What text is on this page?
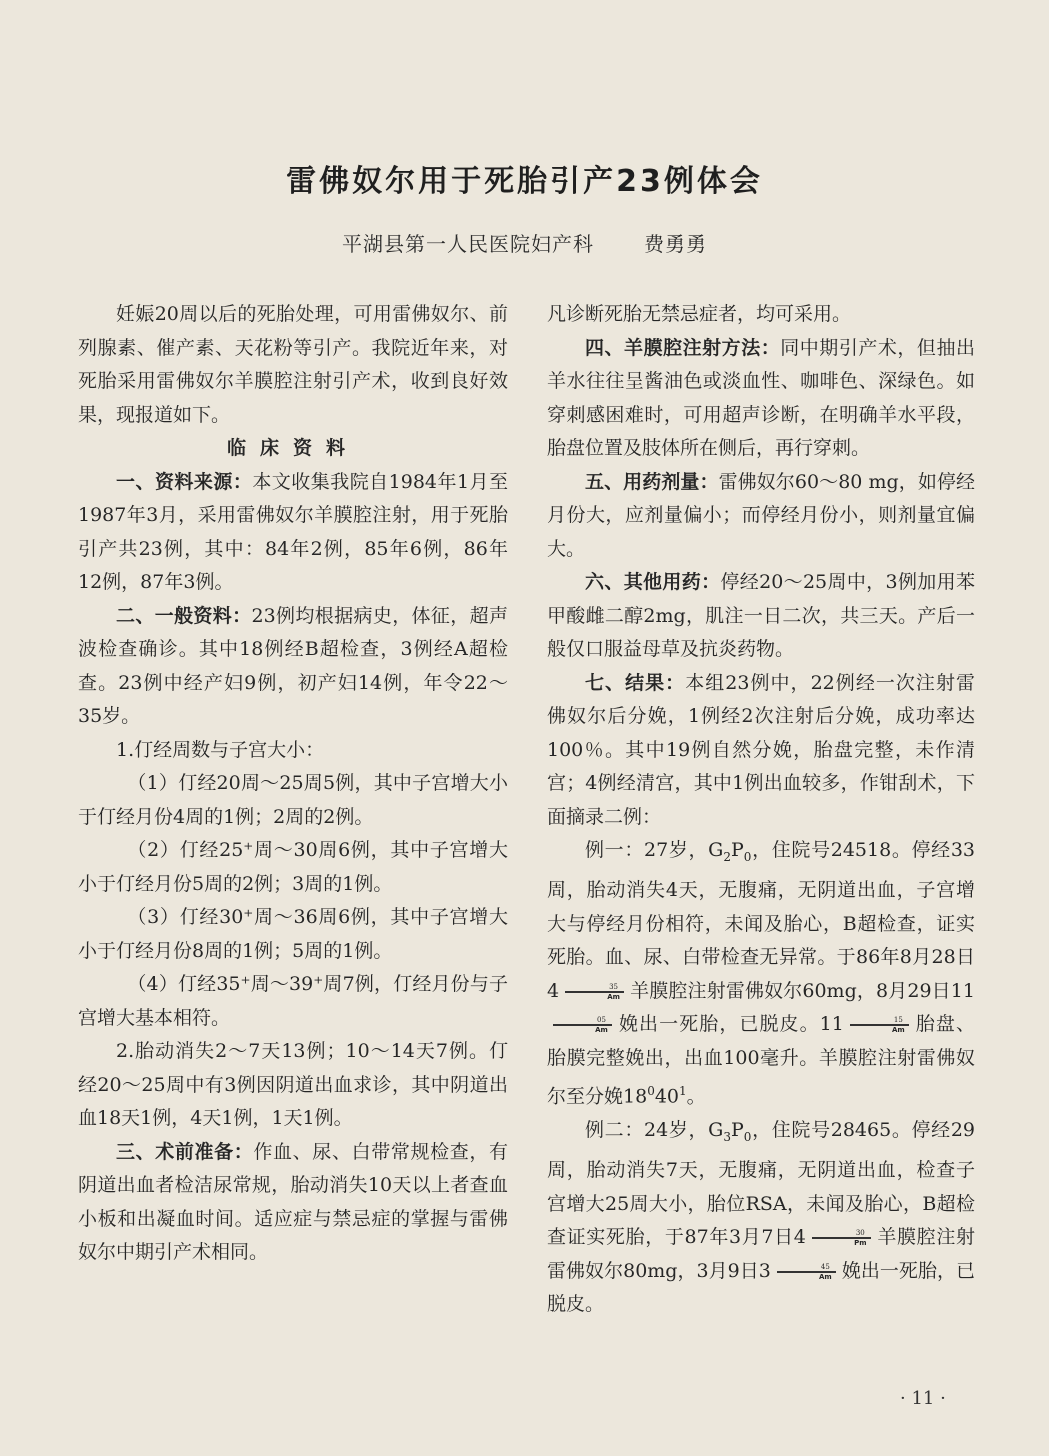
雷佛奴尔用于死胎引产23例体会
平湖县第一人民医院妇产科	费勇勇

妊娠20周以后的死胎处理，可用雷佛奴尔、前列腺素、催产素、天花粉等引产。我院近年来，对死胎采用雷佛奴尔羊膜腔注射引产术，收到良好效果，现报道如下。

临床资料

一、资料来源：本文收集我院自1984年1月至1987年3月，采用雷佛奴尔羊膜腔注射，用于死胎引产共23例，其中：84年2例，85年6例，86年12例，87年3例。

二、一般资料：23例均根据病史，体征，超声波检查确诊。其中18例经B超检查，3例经A超检查。23例中经产妇9例，初产妇14例，年令22～35岁。

1.仃经周数与子宫大小：

（1）仃经20周～25周5例，其中子宫增大小于仃经月份4周的1例；2周的2例。

（2）仃经25⁺周～30周6例，其中子宫增大小于仃经月份5周的2例；3周的1例。

（3）仃经30⁺周～36周6例，其中子宫增大小于仃经月份8周的1例；5周的1例。

（4）仃经35⁺周～39⁺周7例，仃经月份与子宫增大基本相符。

2.胎动消失2～7天13例；10～14天7例。仃经20～25周中有3例因阴道出血求诊，其中阴道出血18天1例，4天1例，1天1例。

三、术前准备：作血、尿、白带常规检查，有阴道出血者检洁尿常规，胎动消失10天以上者查血小板和出凝血时间。适应症与禁忌症的掌握与雷佛奴尔中期引产术相同。

凡诊断死胎无禁忌症者，均可采用。

四、羊膜腔注射方法：同中期引产术，但抽出羊水往往呈酱油色或淡血性、咖啡色、深绿色。如穿刺感困难时，可用超声诊断，在明确羊水平段，胎盘位置及肢体所在侧后，再行穿刺。

五、用药剂量：雷佛奴尔60～80 mg，如停经月份大，应剂量偏小；而停经月份小，则剂量宜偏大。

六、其他用药：停经20～25周中，3例加用苯甲酸雌二醇2mg，肌注一日二次，共三天。产后一般仅口服益母草及抗炎药物。

七、结果：本组23例中，22例经一次注射雷佛奴尔后分娩，1例经2次注射后分娩，成功率达100％。其中19例自然分娩，胎盘完整，未作清宫；4例经清宫，其中1例出血较多，作钳刮术，下面摘录二例：

例一：27岁，$G_2P_0$，住院号24518。停经33周，胎动消失4天，无腹痛，无阴道出血，子宫增大与停经月份相符，未闻及胎心，B超检查，证实死胎。血、尿、白带检查无异常。于86年8月28日$4 \frac{35}{Am}$ 羊膜腔注射雷佛奴尔60mg，8月29日11
$\frac{05}{Am}$ 娩出一死胎，已脱皮。$11 \frac{15}{Am}$ 胎盘、胎膜完整娩出，出血100毫升。羊膜腔注射雷佛奴尔至分娩$18^040^1$。

例二：24岁，$G_3P_0$，住院号28465。停经29周，胎动消失7天，无腹痛，无阴道出血，检查子宫增大25周大小，胎位RSA，未闻及胎心，B超检查证实死胎，于87年3月7日$4 \frac{30}{Pm}$ 羊膜腔注射雷佛奴尔80mg，3月9日$3 \frac{45}{Am}$ 娩出一死胎，已脱皮。

· 11 ·
